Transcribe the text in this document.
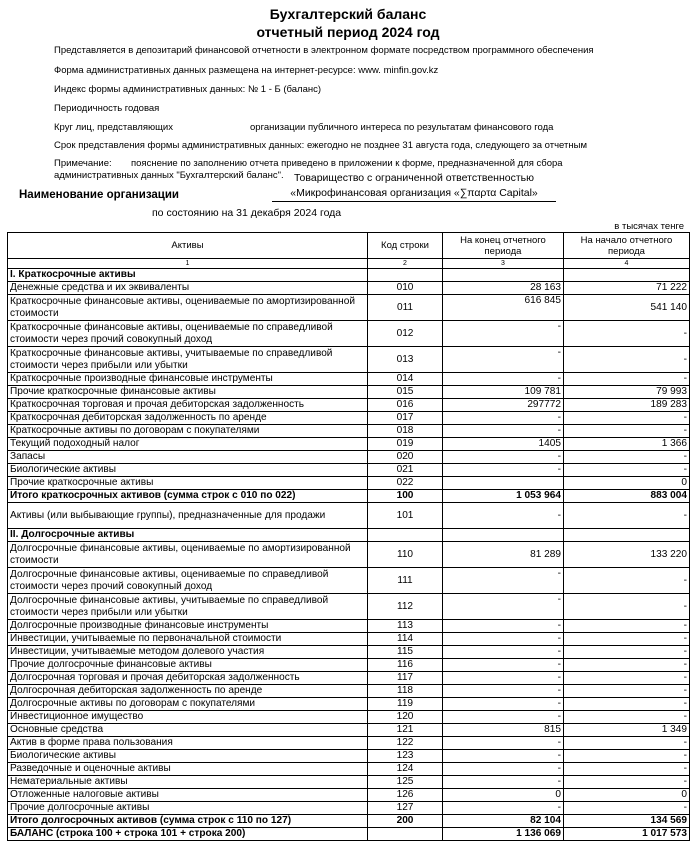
Бухгалтерский баланс
отчетный период 2024 год
Представляется в депозитарий финансовой отчетности в электронном формате посредством программного обеспечения
Форма административных данных размещена на интернет-ресурсе: www. minfin.gov.kz
Индекс формы административных данных: № 1 - Б (баланс)
Периодичность годовая
Круг лиц, представляющих	организации публичного интереса по результатам финансового года
Срок представления формы административных данных: ежегодно не позднее 31 августа года, следующего за отчетным
Примечание: пояснение по заполнению отчета приведено в приложении к форме, предназначенной для сбора
административных данных "Бухгалтерский баланс".
Наименование организации
Товарищество с ограниченной ответственностью
«Микрофинансовая организация «∑παρτα Capital»
по состоянию на 31 декабря 2024 года
в тысячах тенге
Активы	Код строки	На конец отчетного периода	На начало отчетного периода
1	2	3	4
I. Краткосрочные активы			
Денежные средства и их эквиваленты	010	28 163	71 222
Краткосрочные финансовые активы, оцениваемые по амортизированной стоимости	011	616 845	541 140
Краткосрочные финансовые активы, оцениваемые по справедливой стоимости через прочий совокупный доход	012	-	-
Краткосрочные финансовые активы, учитываемые по справедливой стоимости через прибыли или убытки	013	-	-
Краткосрочные производные финансовые инструменты	014	-	-
Прочие краткосрочные финансовые активы	015	109 781	79 993
Краткосрочная торговая и прочая дебиторская задолженность	016	297772	189 283
Краткосрочная дебиторская задолженность по аренде	017	-	-
Краткосрочные активы по договорам с покупателями	018	-	-
Текущий подоходный налог	019	1405	1 366
Запасы	020	-	-
Биологические активы	021	-	-
Прочие краткосрочные активы	022		0
Итого краткосрочных активов (сумма строк с 010 по 022)	100	1 053 964	883 004
Активы (или выбывающие группы), предназначенные для продажи	101	-	-
II. Долгосрочные активы			
Долгосрочные финансовые активы, оцениваемые по амортизированной стоимости	110	81 289	133 220
Долгосрочные финансовые активы, оцениваемые по справедливой стоимости через прочий совокупный доход	111	-	-
Долгосрочные финансовые активы, учитываемые по справедливой стоимости через прибыли или убытки	112	-	-
Долгосрочные производные финансовые инструменты	113	-	-
Инвестиции, учитываемые по первоначальной стоимости	114	-	-
Инвестиции, учитываемые методом долевого участия	115	-	-
Прочие долгосрочные финансовые активы	116	-	-
Долгосрочная торговая и прочая дебиторская задолженность	117	-	-
Долгосрочная дебиторская задолженность по аренде	118	-	-
Долгосрочные активы по договорам с покупателями	119	-	-
Инвестиционное имущество	120	-	-
Основные средства	121	815	1 349
Актив в форме права пользования	122	-	-
Биологические активы	123	-	-
Разведочные и оценочные активы	124	-	-
Нематериальные активы	125	-	-
Отложенные налоговые активы	126	0	0
Прочие долгосрочные активы	127	-	-
Итого долгосрочных активов (сумма строк с 110 по 127)	200	82 104	134 569
БАЛАНС (строка 100 + строка 101 + строка 200)		1 136 069	1 017 573
